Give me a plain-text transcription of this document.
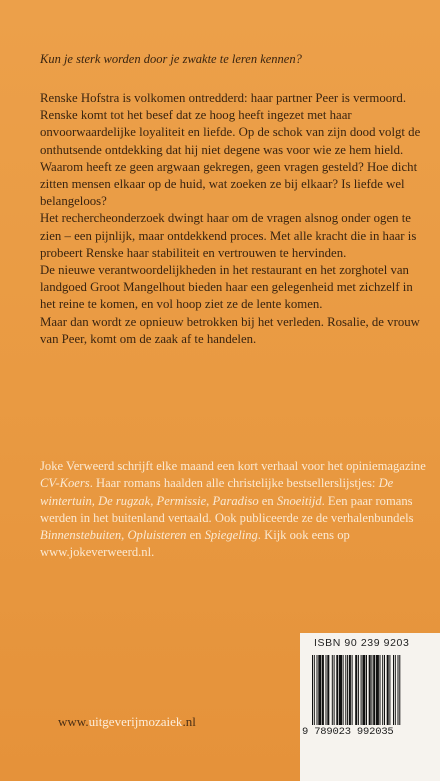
Kun je sterk worden door je zwakte te leren kennen?

Renske Hofstra is volkomen ontredderd: haar partner Peer is vermoord. Renske komt tot het besef dat ze hoog heeft ingezet met haar onvoorwaardelijke loyaliteit en liefde. Op de schok van zijn dood volgt de onthutsende ontdekking dat hij niet degene was voor wie ze hem hield. Waarom heeft ze geen argwaan gekregen, geen vragen gesteld? Hoe dicht zitten mensen elkaar op de huid, wat zoeken ze bij elkaar? Is liefde wel belangeloos?

Het rechercheonderzoek dwingt haar om de vragen alsnog onder ogen te zien – een pijnlijk, maar ontdekkend proces. Met alle kracht die in haar is probeert Renske haar stabiliteit en vertrouwen te hervinden.

De nieuwe verantwoordelijkheden in het restaurant en het zorghotel van landgoed Groot Mangelhout bieden haar een gelegenheid met zichzelf in het reine te komen, en vol hoop ziet ze de lente komen.

Maar dan wordt ze opnieuw betrokken bij het verleden. Rosalie, de vrouw van Peer, komt om de zaak af te handelen.

Joke Verweerd schrijft elke maand een kort verhaal voor het opiniemagazine CV-Koers. Haar romans haalden alle christelijke bestsellerslijstjes: De wintertuin, De rugzak, Permissie, Paradiso en Snoeitijd. Een paar romans werden in het buitenland vertaald. Ook publiceerde ze de verhalenbundels Binnenstebuiten, Opluisteren en Spiegeling. Kijk ook eens op www.jokeverweerd.nl.

ISBN 90 239 9203
9 789023 992035
www.uitgeverijmozaiek.nl
